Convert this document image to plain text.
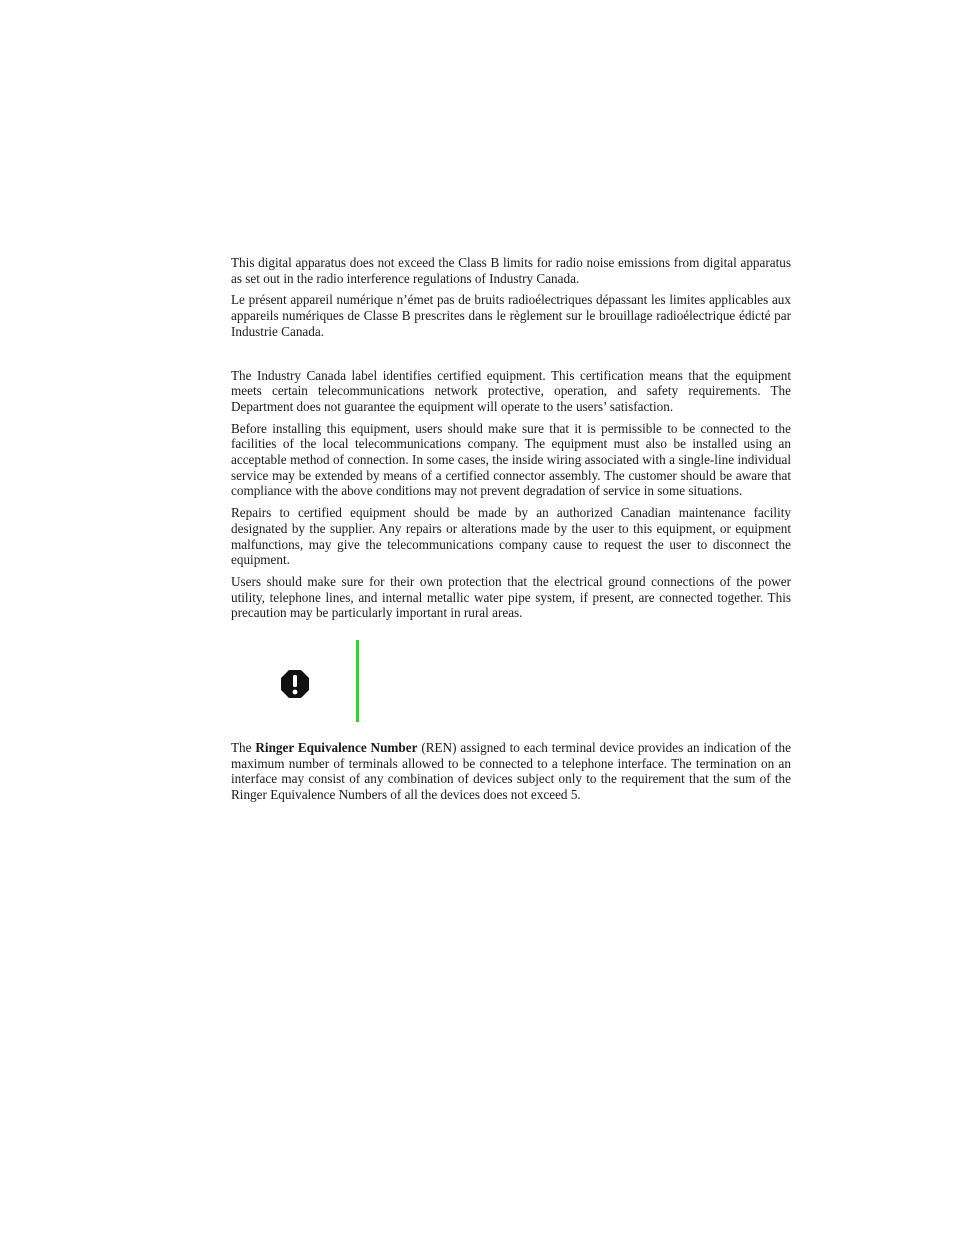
This digital apparatus does not exceed the Class B limits for radio noise emissions from digital apparatus as set out in the radio interference regulations of Industry Canada.

Le présent appareil numérique n’émet pas de bruits radioélectriques dépassant les limites applicables aux appareils numériques de Classe B prescrites dans le règlement sur le brouillage radioélectrique édicté par Industrie Canada.

The Industry Canada label identifies certified equipment. This certification means that the equipment meets certain telecommunications network protective, operation, and safety requirements. The Department does not guarantee the equipment will operate to the users’ satisfaction.

Before installing this equipment, users should make sure that it is permissible to be connected to the facilities of the local telecommunications company. The equipment must also be installed using an acceptable method of connection. In some cases, the inside wiring associated with a single-line individual service may be extended by means of a certified connector assembly. The customer should be aware that compliance with the above conditions may not prevent degradation of service in some situations.

Repairs to certified equipment should be made by an authorized Canadian maintenance facility designated by the supplier. Any repairs or alterations made by the user to this equipment, or equipment malfunctions, may give the telecommunications company cause to request the user to disconnect the equipment.

Users should make sure for their own protection that the electrical ground connections of the power utility, telephone lines, and internal metallic water pipe system, if present, are connected together. This precaution may be particularly important in rural areas.

The Ringer Equivalence Number (REN) assigned to each terminal device provides an indication of the maximum number of terminals allowed to be connected to a telephone interface. The termination on an interface may consist of any combination of devices subject only to the requirement that the sum of the Ringer Equivalence Numbers of all the devices does not exceed 5.
